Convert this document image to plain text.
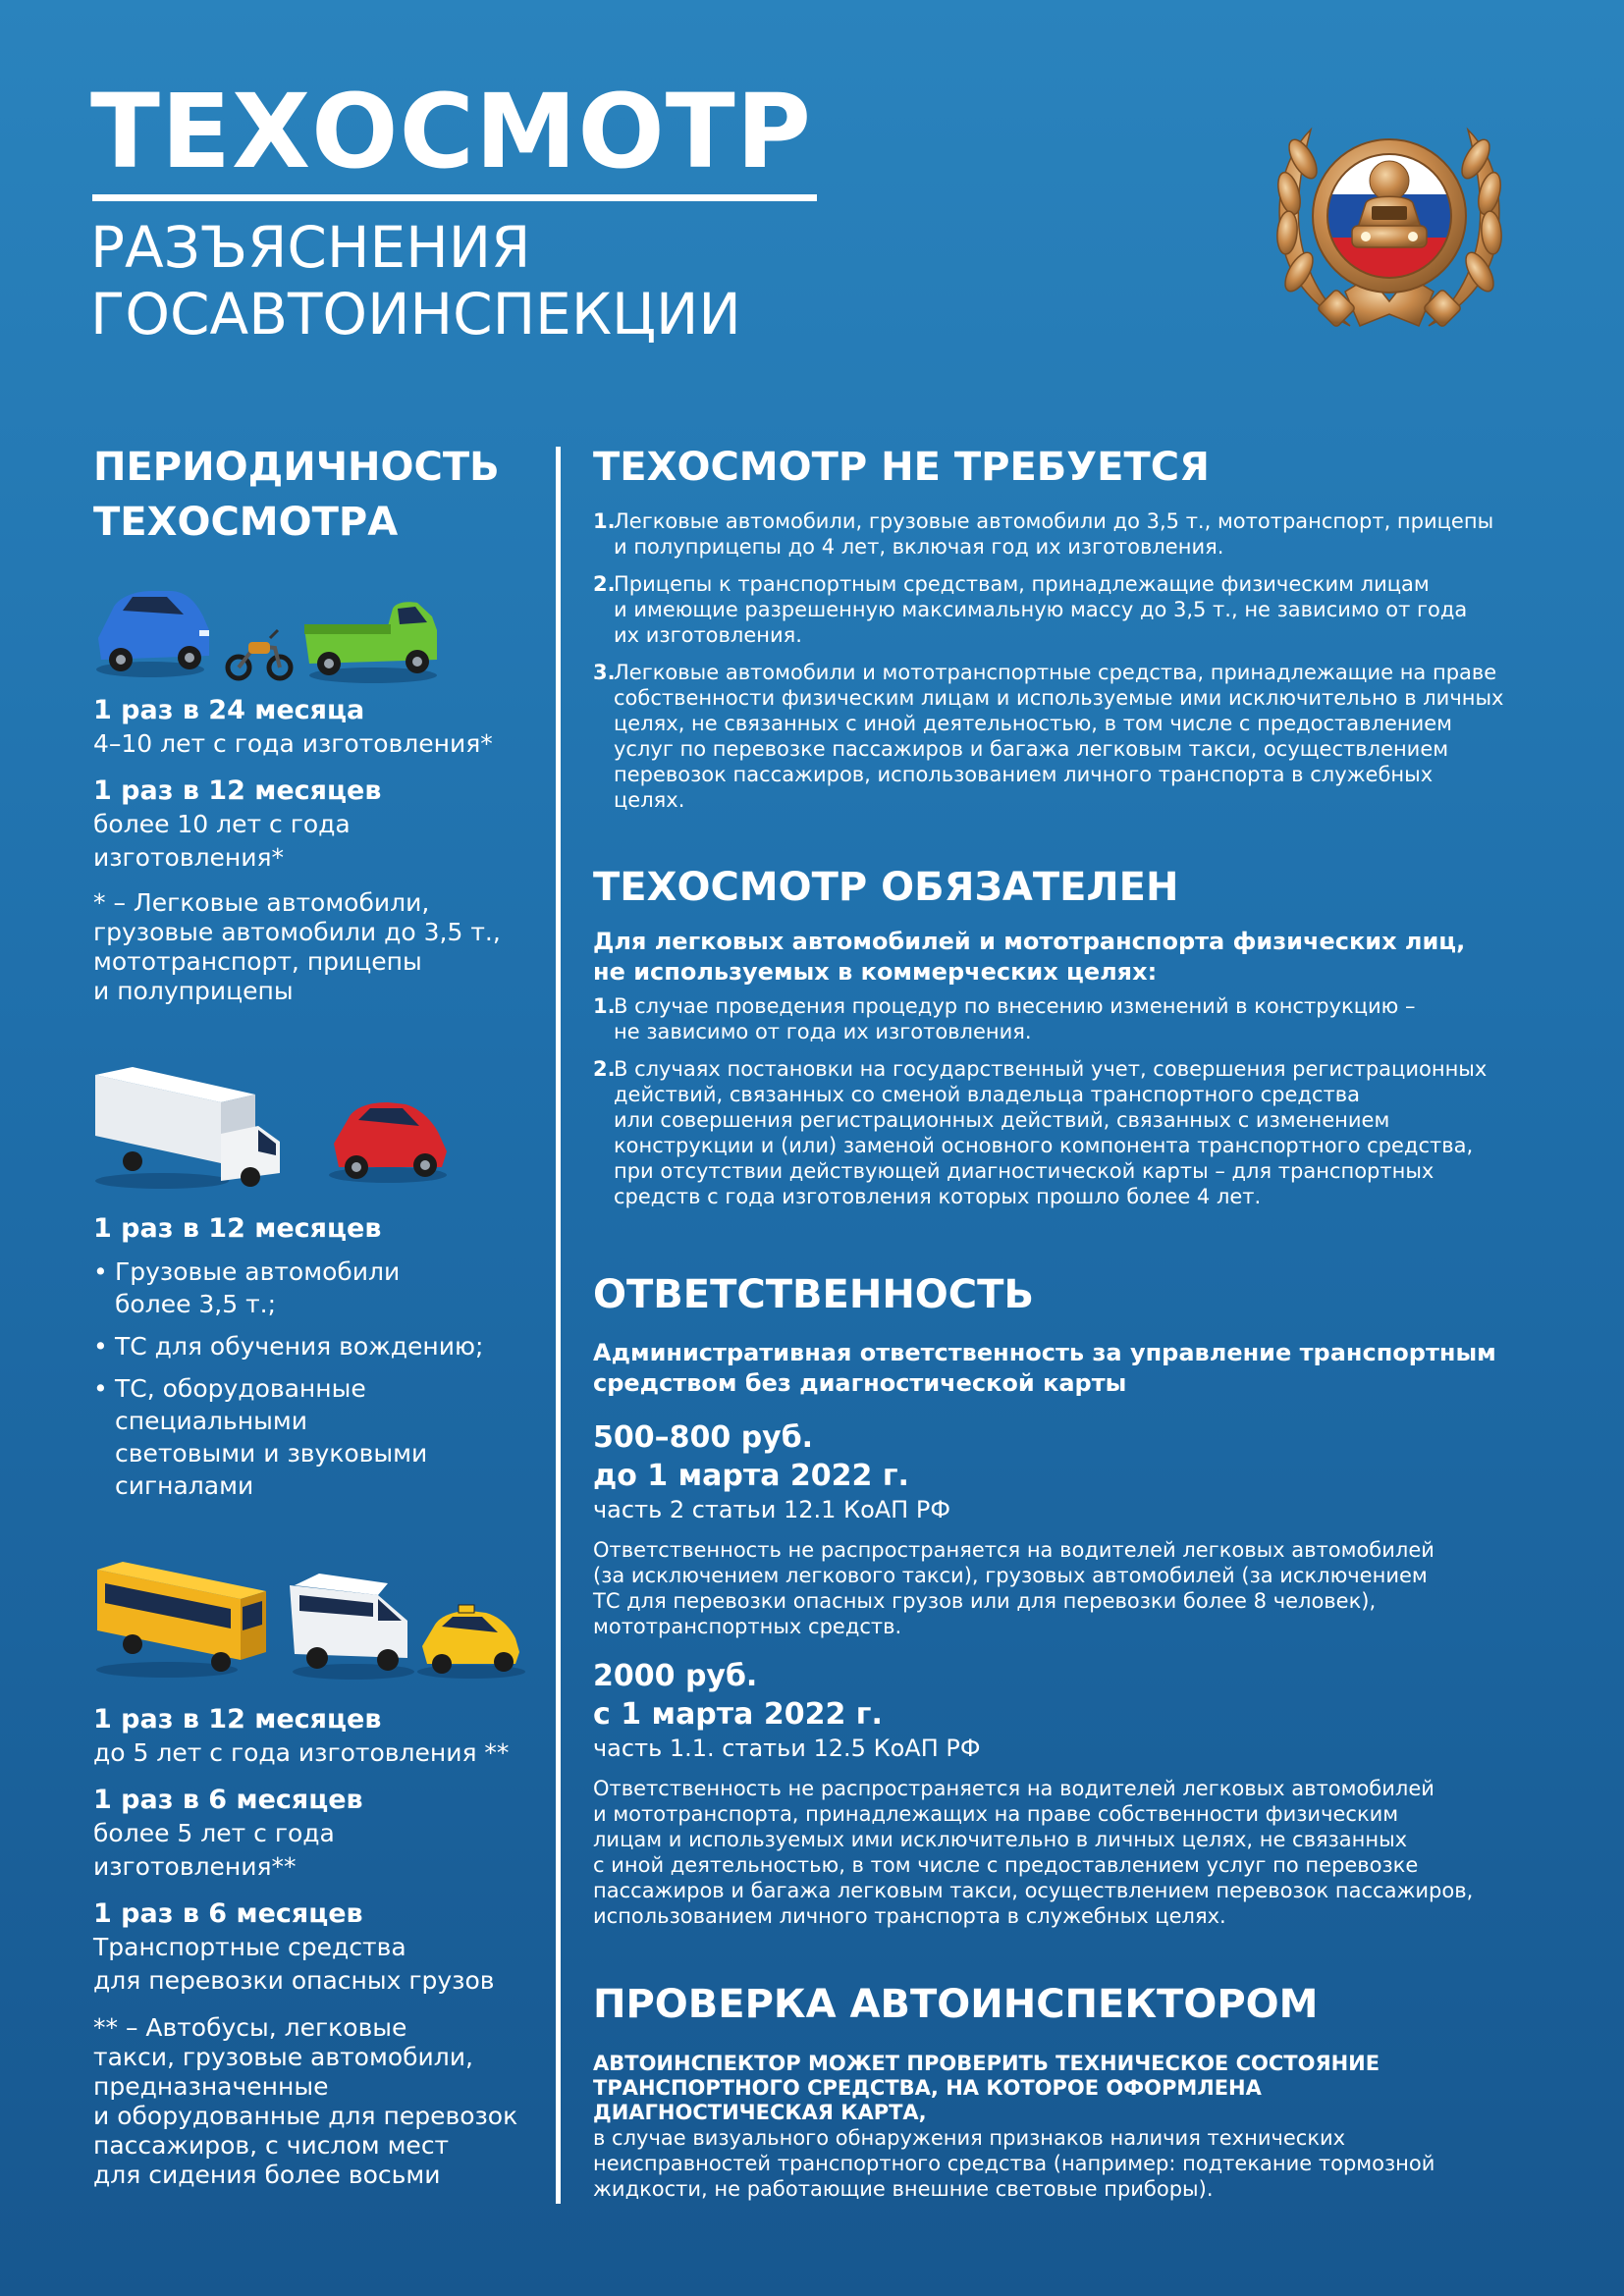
ТЕХОСМОТР
РАЗЪЯСНЕНИЯ
ГОСАВТОИНСПЕКЦИИ
ПЕРИОДИЧНОСТЬ
ТЕХОСМОТРА
1 раз в 24 месяца
4–10 лет с года изготовления*
1 раз в 12 месяцев
более 10 лет с года
изготовления*
* – Легковые автомобили,
грузовые автомобили до 3,5 т.,
мототранспорт, прицепы
и полуприцепы
1 раз в 12 месяцев
• Грузовые автомобили
более 3,5 т.;
• ТС для обучения вождению;
• ТС, оборудованные
специальными
световыми и звуковыми
сигналами
1 раз в 12 месяцев
до 5 лет с года изготовления **
1 раз в 6 месяцев
более 5 лет с года
изготовления**
1 раз в 6 месяцев
Транспортные средства
для перевозки опасных грузов
** – Автобусы, легковые
такси, грузовые автомобили,
предназначенные
и оборудованные для перевозок
пассажиров, с числом мест
для сидения более восьми
ТЕХОСМОТР НЕ ТРЕБУЕТСЯ
1.
Легковые автомобили, грузовые автомобили до 3,5 т., мототранспорт, прицепы
и полуприцепы до 4 лет, включая год их изготовления.
2.
Прицепы к транспортным средствам, принадлежащие физическим лицам
и имеющие разрешенную максимальную массу до 3,5 т., не зависимо от года
их изготовления.
3.
Легковые автомобили и мототранспортные средства, принадлежащие на праве
собственности физическим лицам и используемые ими исключительно в личных
целях, не связанных с иной деятельностью, в том числе с предоставлением
услуг по перевозке пассажиров и багажа легковым такси, осуществлением
перевозок пассажиров, использованием личного транспорта в служебных
целях.
ТЕХОСМОТР ОБЯЗАТЕЛЕН
Для легковых автомобилей и мототранспорта физических лиц,
не используемых в коммерческих целях:
1.
В случае проведения процедур по внесению изменений в конструкцию –
не зависимо от года их изготовления.
2.
В случаях постановки на государственный учет, совершения регистрационных
действий, связанных со сменой владельца транспортного средства
или совершения регистрационных действий, связанных с изменением
конструкции и (или) заменой основного компонента транспортного средства,
при отсутствии действующей диагностической карты – для транспортных
средств с года изготовления которых прошло более 4 лет.
ОТВЕТСТВЕННОСТЬ
Административная ответственность за управление транспортным
средством без диагностической карты
500–800 руб.
до 1 марта 2022 г.
часть 2 статьи 12.1 КоАП РФ
Ответственность не распространяется на водителей легковых автомобилей
(за исключением легкового такси), грузовых автомобилей (за исключением
ТС для перевозки опасных грузов или для перевозки более 8 человек),
мототранспортных средств.
2000 руб.
с 1 марта 2022 г.
часть 1.1. статьи 12.5 КоАП РФ
Ответственность не распространяется на водителей легковых автомобилей
и мототранспорта, принадлежащих на праве собственности физическим
лицам и используемых ими исключительно в личных целях, не связанных
с иной деятельностью, в том числе с предоставлением услуг по перевозке
пассажиров и багажа легковым такси, осуществлением перевозок пассажиров,
использованием личного транспорта в служебных целях.
ПРОВЕРКА АВТОИНСПЕКТОРОМ
АВТОИНСПЕКТОР МОЖЕТ ПРОВЕРИТЬ ТЕХНИЧЕСКОЕ СОСТОЯНИЕ
ТРАНСПОРТНОГО СРЕДСТВА, НА КОТОРОЕ ОФОРМЛЕНА
ДИАГНОСТИЧЕСКАЯ КАРТА,
в случае визуального обнаружения признаков наличия технических
неисправностей транспортного средства (например: подтекание тормозной
жидкости, не работающие внешние световые приборы).
